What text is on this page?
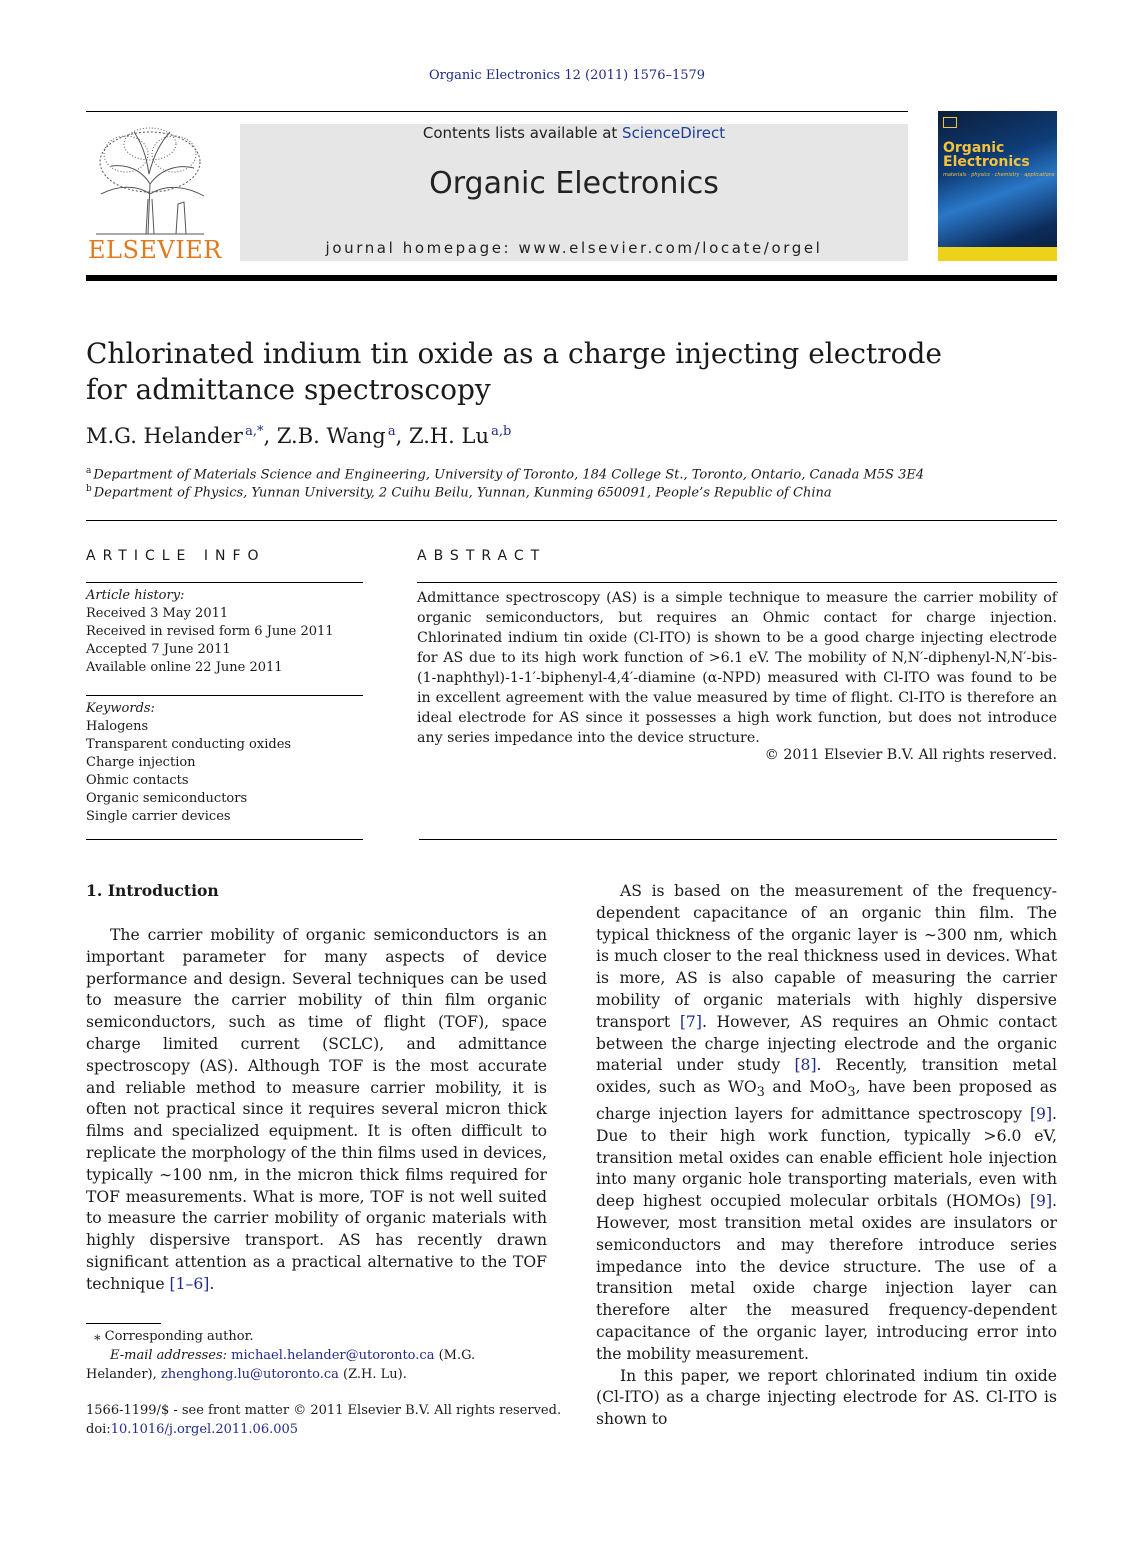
Organic Electronics 12 (2011) 1576–1579
ELSEVIER
Contents lists available at ScienceDirect
Organic Electronics
journal homepage: www.elsevier.com/locate/orgel
Organic
Electronics
materials · physics · chemistry · applications
Chlorinated indium tin oxide as a charge injecting electrode
for admittance spectroscopy
M.G. Helander  $^{a,*}$, Z.B. Wang  $^a$, Z.H. Lu  $^{a,b}$
$^a$ Department of Materials Science and Engineering, University of Toronto, 184 College St., Toronto, Ontario, Canada M5S 3E4
$^b$ Department of Physics, Yunnan University, 2 Cuihu Beilu, Yunnan, Kunming 650091, People’s Republic of China
ARTICLE INFO
Article history:
Received 3 May 2011
Received in revised form 6 June 2011
Accepted 7 June 2011
Available online 22 June 2011
Keywords:
Halogens
Transparent conducting oxides
Charge injection
Ohmic contacts
Organic semiconductors
Single carrier devices
ABSTRACT
Admittance spectroscopy (AS) is a simple technique to measure the carrier mobility of organic semiconductors, but requires an Ohmic contact for charge injection. Chlorinated indium tin oxide (Cl-ITO) is shown to be a good charge injecting electrode for AS due to its high work function of >6.1 eV. The mobility of N,N′-diphenyl-N,N′-bis-(1-naphthyl)-1-1′-biphenyl-4,4′-diamine (α-NPD) measured with Cl-ITO was found to be in excellent agreement with the value measured by time of flight. Cl-ITO is therefore an ideal electrode for AS since it possesses a high work function, but does not introduce any series impedance into the device structure.
© 2011 Elsevier B.V. All rights reserved.
1. Introduction

The carrier mobility of organic semiconductors is an important parameter for many aspects of device performance and design. Several techniques can be used to measure the carrier mobility of thin film organic semiconductors, such as time of flight (TOF), space charge limited current (SCLC), and admittance spectroscopy (AS). Although TOF is the most accurate and reliable method to measure carrier mobility, it is often not practical since it requires several micron thick films and specialized equipment. It is often difficult to replicate the morphology of the thin films used in devices, typically ∼100 nm, in the micron thick films required for TOF measurements. What is more, TOF is not well suited to measure the carrier mobility of organic materials with highly dispersive transport. AS has recently drawn significant attention as a practical alternative to the TOF technique [1–6].

AS is based on the measurement of the frequency-dependent capacitance of an organic thin film. The typical thickness of the organic layer is ∼300 nm, which is much closer to the real thickness used in devices. What is more, AS is also capable of measuring the carrier mobility of organic materials with highly dispersive transport [7]. However, AS requires an Ohmic contact between the charge injecting electrode and the organic material under study [8]. Recently, transition metal oxides, such as $WO_3$ and MoO$_3$, have been proposed as charge injection layers for admittance spectroscopy [9]. Due to their high work function, typically >6.0 eV, transition metal oxides can enable efficient hole injection into many organic hole transporting materials, even with deep highest occupied molecular orbitals (HOMOs) [9]. However, most transition metal oxides are insulators or semiconductors and may therefore introduce series impedance into the device structure. The use of a transition metal oxide charge injection layer can therefore alter the measured frequency-dependent capacitance of the organic layer, introducing error into the mobility measurement.

In this paper, we report chlorinated indium tin oxide (Cl-ITO) as a charge injecting electrode for AS. Cl-ITO is shown to

⁎ Corresponding author.
E-mail addresses: michael.helander@utoronto.ca (M.G. Helander), zhenghong.lu@utoronto.ca (Z.H. Lu).
1566-1199/$ - see front matter © 2011 Elsevier B.V. All rights reserved.
doi:10.1016/j.orgel.2011.06.005
